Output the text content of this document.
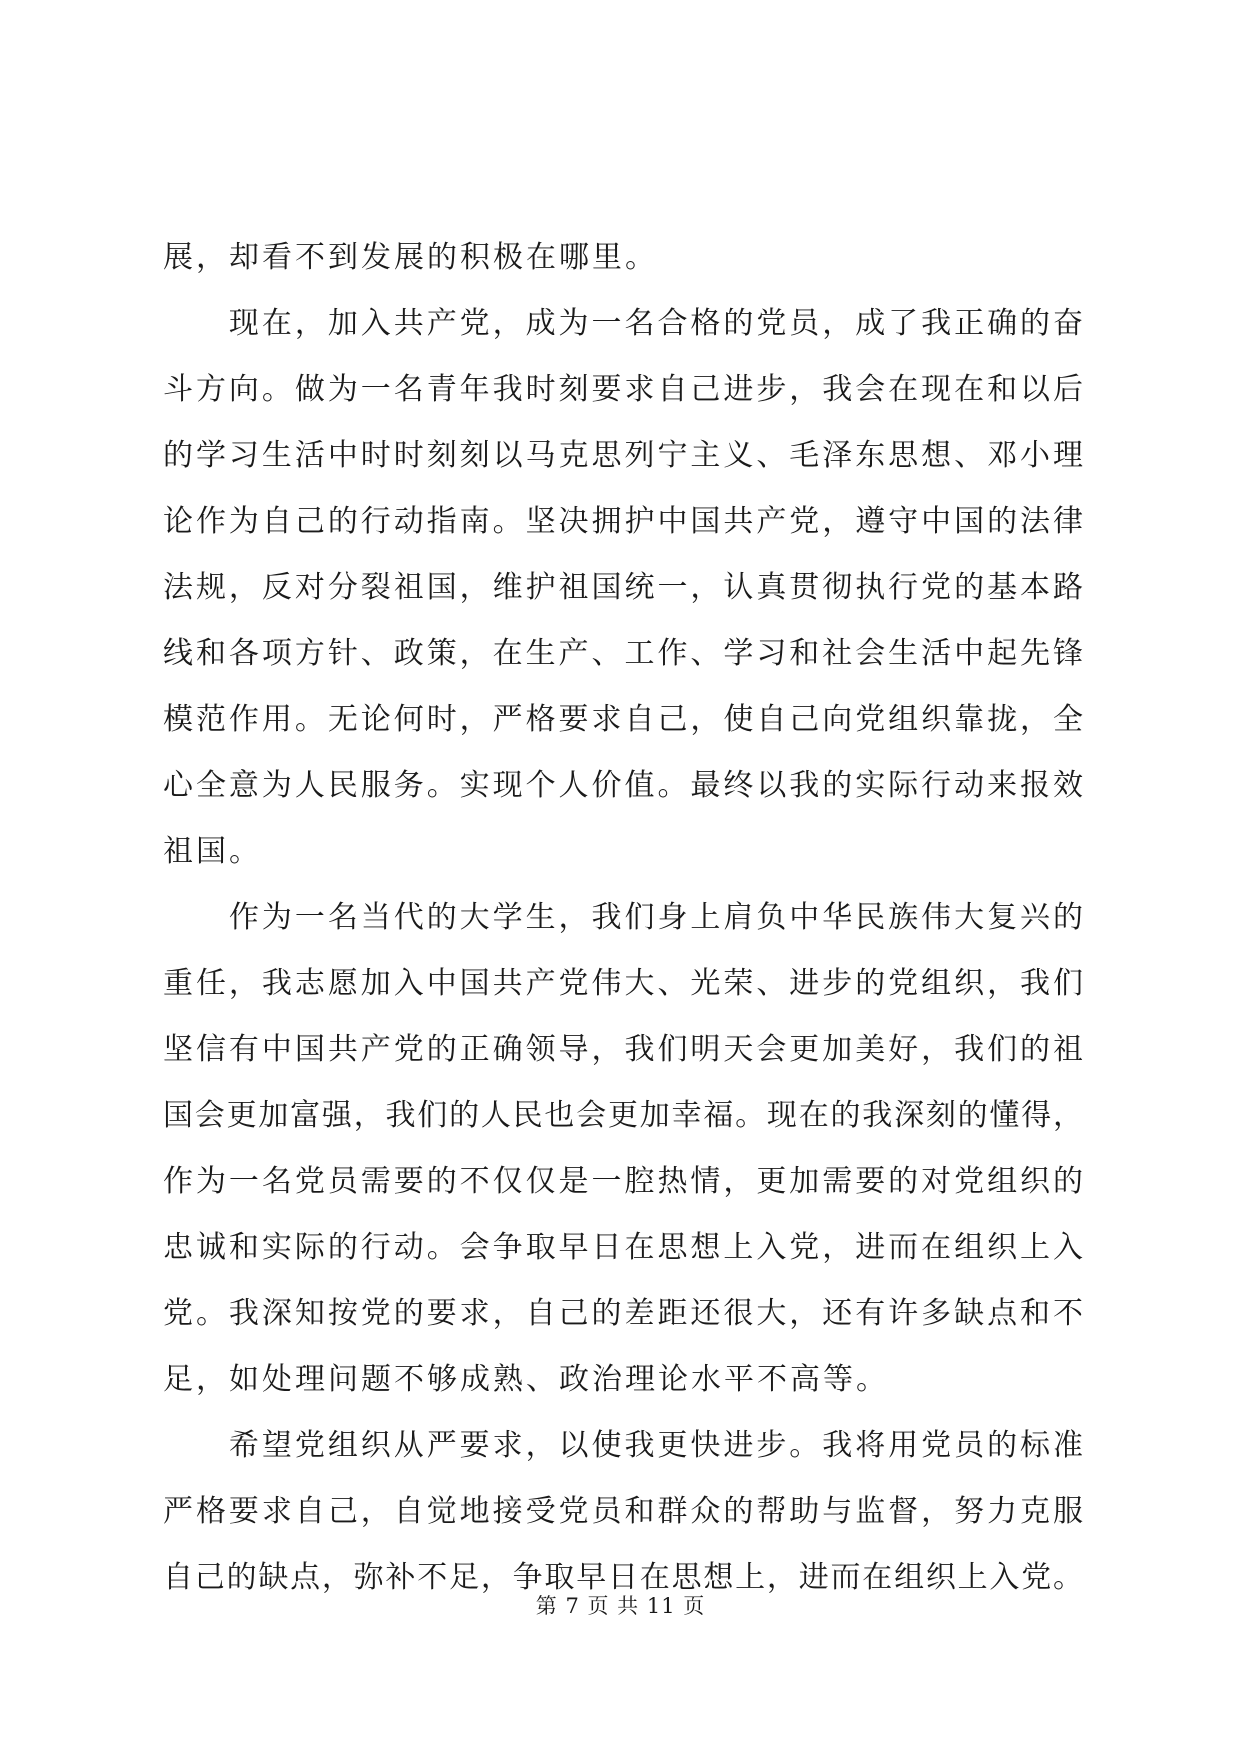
展，却看不到发展的积极在哪里。
　　现在，加入共产党，成为一名合格的党员，成了我正确的奋
斗方向。做为一名青年我时刻要求自己进步，我会在现在和以后
的学习生活中时时刻刻以马克思列宁主义、毛泽东思想、邓小理
论作为自己的行动指南。坚决拥护中国共产党，遵守中国的法律
法规，反对分裂祖国，维护祖国统一，认真贯彻执行党的基本路
线和各项方针、政策，在生产、工作、学习和社会生活中起先锋
模范作用。无论何时，严格要求自己，使自己向党组织靠拢，全
心全意为人民服务。实现个人价值。最终以我的实际行动来报效
祖国。
　　作为一名当代的大学生，我们身上肩负中华民族伟大复兴的
重任，我志愿加入中国共产党伟大、光荣、进步的党组织，我们
坚信有中国共产党的正确领导，我们明天会更加美好，我们的祖
国会更加富强，我们的人民也会更加幸福。现在的我深刻的懂得，
作为一名党员需要的不仅仅是一腔热情，更加需要的对党组织的
忠诚和实际的行动。会争取早日在思想上入党，进而在组织上入
党。我深知按党的要求，自己的差距还很大，还有许多缺点和不
足，如处理问题不够成熟、政治理论水平不高等。
　　希望党组织从严要求，以使我更快进步。我将用党员的标准
严格要求自己，自觉地接受党员和群众的帮助与监督，努力克服
自己的缺点，弥补不足，争取早日在思想上，进而在组织上入党。
第 7 页 共 11 页
